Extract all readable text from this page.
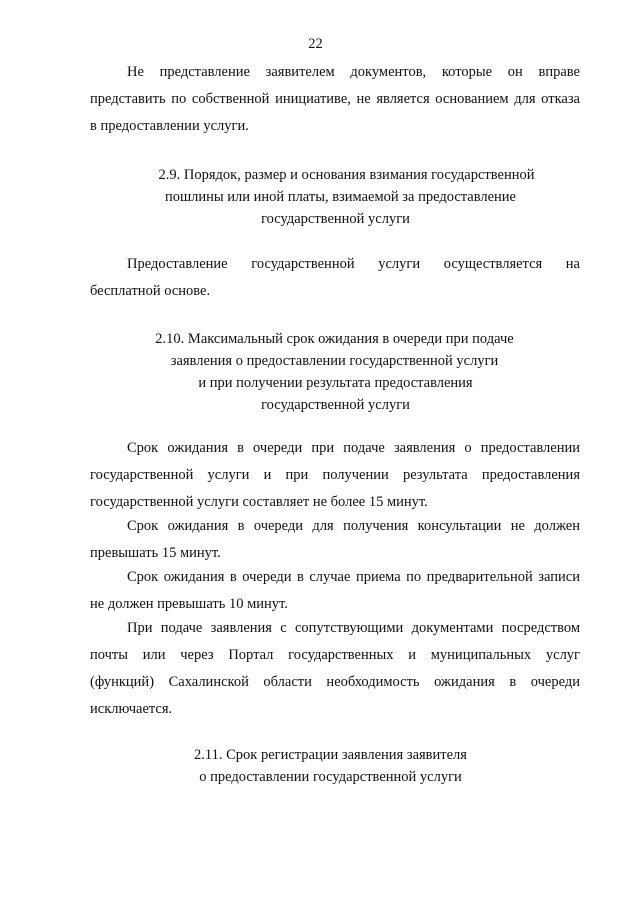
22
Не представление заявителем документов, которые он вправе
представить по собственной инициативе, не является основанием для отказа
в предоставлении услуги.
2.9. Порядок, размер и основания взимания государственной
пошлины или иной платы, взимаемой за предоставление
государственной услуги
Предоставление государственной услуги осуществляется на
бесплатной основе.
2.10. Максимальный срок ожидания в очереди при подаче
заявления о предоставлении государственной услуги
и при получении результата предоставления
государственной услуги
Срок ожидания в очереди при подаче заявления о предоставлении
государственной услуги и при получении результата предоставления
государственной услуги составляет не более 15 минут.
Срок ожидания в очереди для получения консультации не должен
превышать 15 минут.
Срок ожидания в очереди в случае приема по предварительной записи
не должен превышать 10 минут.
При подаче заявления с сопутствующими документами посредством
почты или через Портал государственных и муниципальных услуг
(функций) Сахалинской области необходимость ожидания в очереди
исключается.
2.11. Срок регистрации заявления заявителя
о предоставлении государственной услуги
